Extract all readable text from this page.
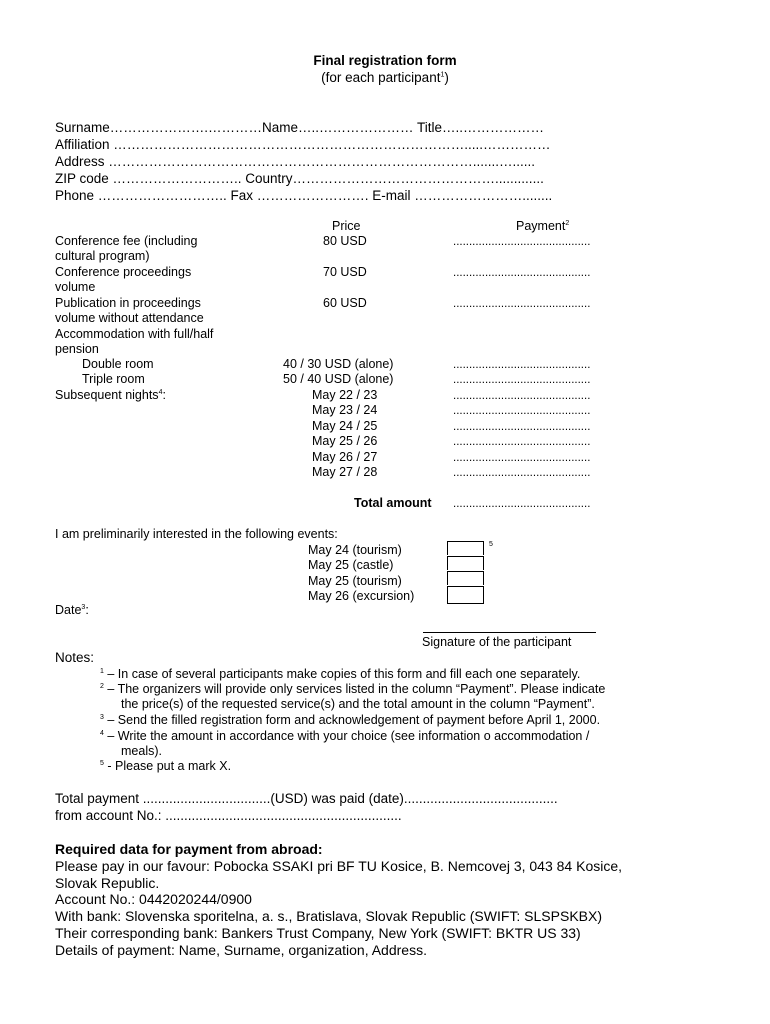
Final registration form
(for each participant$^1$)
Surname………………….…………Name…..………………… Title…..………………
Affiliation …………………………………………………………………….....……………
Address ……………………………………………………………………….......…......
ZIP code ……………………….. Country……………………………………….............
Phone ……………………….. Fax ……………………. E-mail ……………………........
Price	Payment$^2$
Conference fee (including
cultural program)
80 USD	...........................................
Conference proceedings
volume
70 USD	...........................................
Publication in proceedings
volume without attendance
60 USD	...........................................
Accommodation with full/half
pension
Double room	40 / 30 USD (alone)	...........................................
Triple room	50 / 40 USD (alone)	...........................................
Subsequent nights$^4$:	May 22 / 23	...........................................
May 23 / 24	...........................................
May 24 / 25	...........................................
May 25 / 26	...........................................
May 26 / 27	...........................................
May 27 / 28	...........................................
Total amount ...........................................
I am preliminarily interested in the following events:
May 24 (tourism)
May 25 (castle)
May 25 (tourism)
May 26 (excursion)
5
Date$^3$:
Signature of the participant
Notes:
$^1$ – In case of several participants make copies of this form and fill each one separately.
$^2$ – The organizers will provide only services listed in the column “Payment”. Please indicate
the price(s) of the requested service(s) and the total amount in the column “Payment”.
$^3$ – Send the filled registration form and acknowledgement of payment before April 1, 2000.
$^4$ – Write the amount in accordance with your choice (see information o accommodation /
meals).
$^5$ - Please put a mark X.
Total payment ..................................(USD) was paid (date).........................................
from account No.: ...............................................................
Required data for payment from abroad:
Please pay in our favour: Pobocka SSAKI pri BF TU Kosice, B. Nemcovej 3, 043 84 Kosice,
Slovak Republic.
Account No.: 0442020244/0900
With bank: Slovenska sporitelna, a. s., Bratislava, Slovak Republic (SWIFT: SLSPSKBX)
Their corresponding bank: Bankers Trust Company, New York (SWIFT: BKTR US 33)
Details of payment: Name, Surname, organization, Address.
